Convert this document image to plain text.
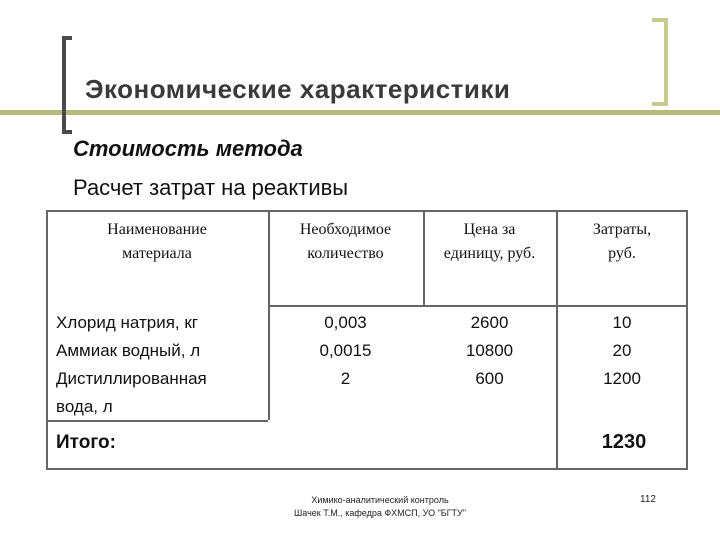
Экономические характеристики
Стоимость метода
Расчет затрат на реактивы
Наименование
материала
Необходимое
количество
Цена за
единицу, руб.
Затраты,
руб.
Хлорид натрия, кг
Аммиак водный, л
Дистиллированная
вода, л
0,003
0,0015
2
2600
10800
600
10
20
1200
Итого:	1230
Химико-аналитический контроль
Шачек Т.М., кафедра ФХМСП, УО "БГТУ"
112
